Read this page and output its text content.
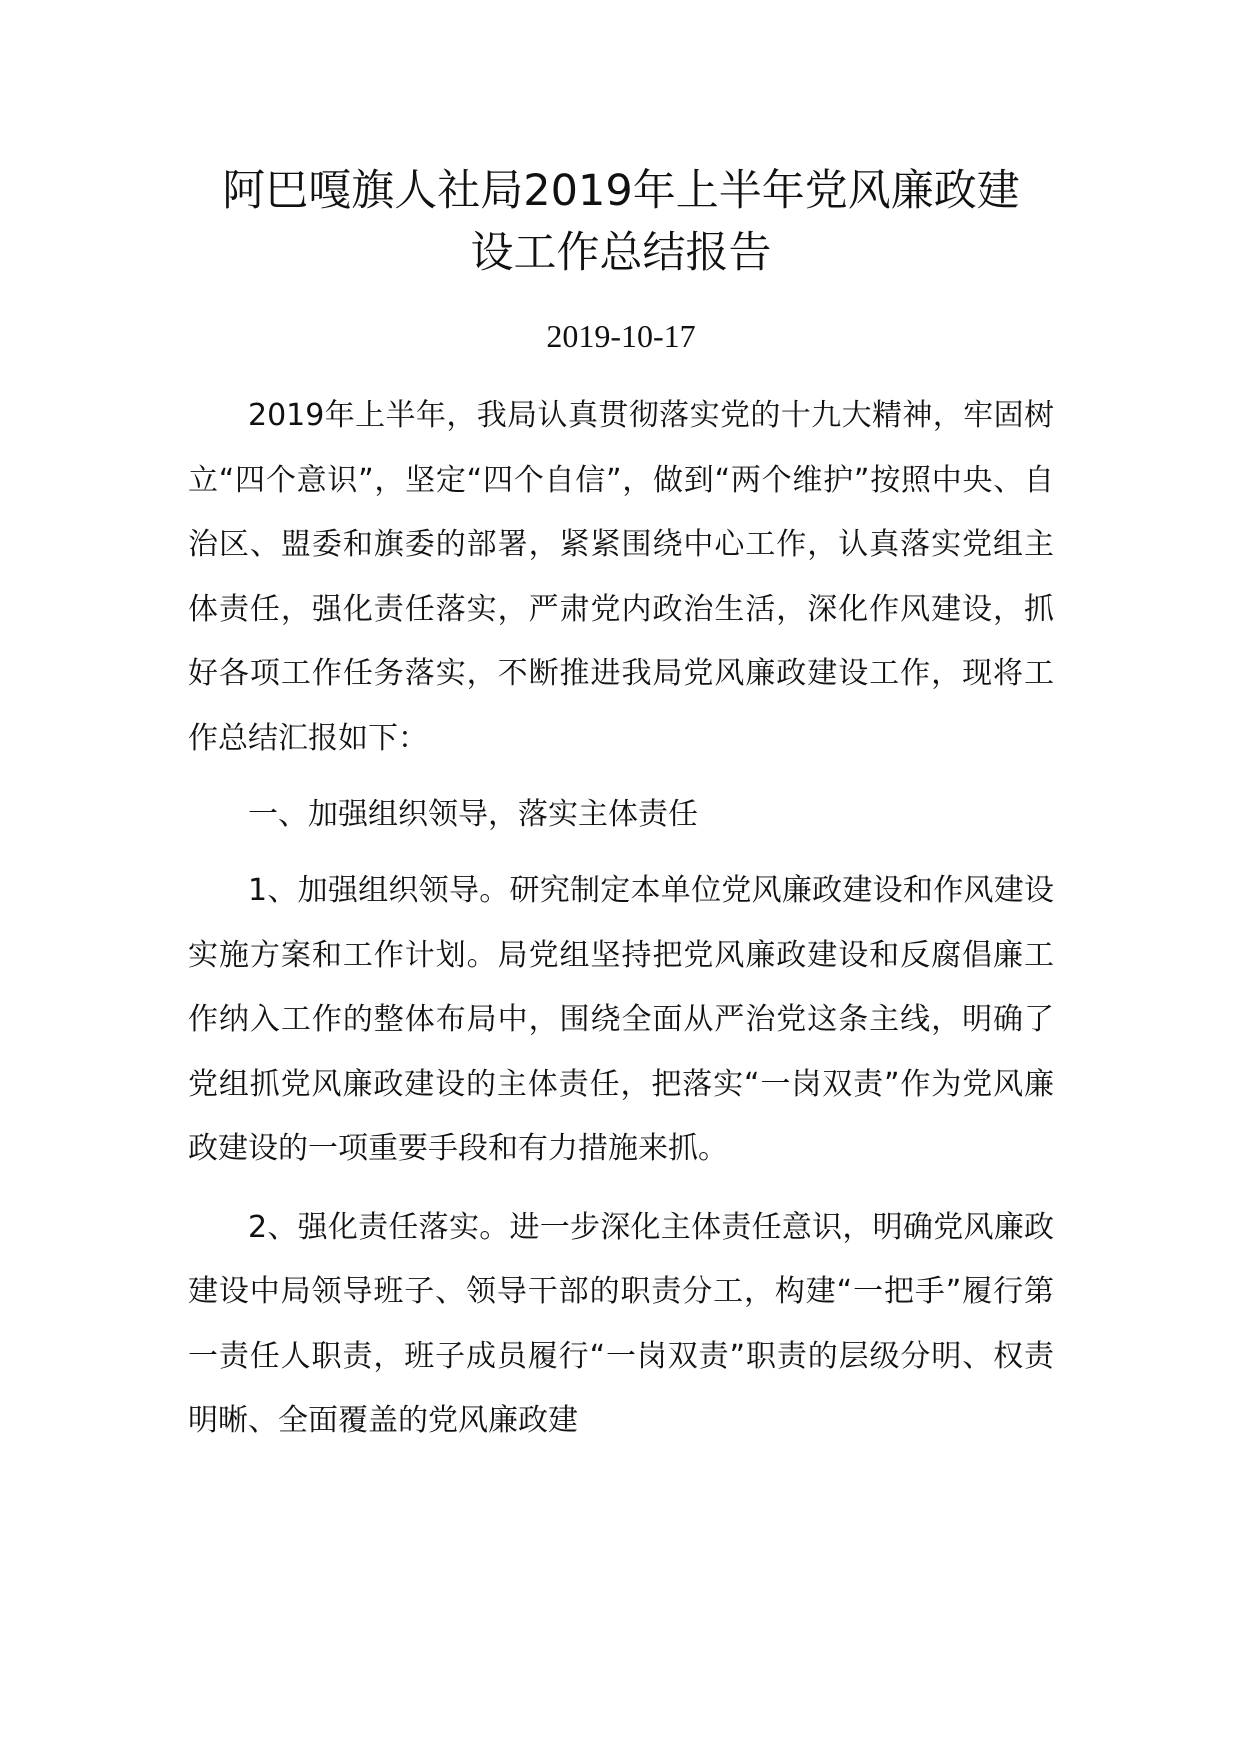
阿巴嘎旗人社局2019年上半年党风廉政建
设工作总结报告
2019-10-17

2019年上半年，我局认真贯彻落实党的十九大精神，牢固树立“四个意识”，坚定“四个自信”，做到“两个维护”按照中央、自治区、盟委和旗委的部署，紧紧围绕中心工作，认真落实党组主体责任，强化责任落实，严肃党内政治生活，深化作风建设，抓好各项工作任务落实，不断推进我局党风廉政建设工作，现将工作总结汇报如下：

一、加强组织领导，落实主体责任

1、加强组织领导。研究制定本单位党风廉政建设和作风建设实施方案和工作计划。局党组坚持把党风廉政建设和反腐倡廉工作纳入工作的整体布局中，围绕全面从严治党这条主线，明确了党组抓党风廉政建设的主体责任，把落实“一岗双责”作为党风廉政建设的一项重要手段和有力措施来抓。

2、强化责任落实。进一步深化主体责任意识，明确党风廉政建设中局领导班子、领导干部的职责分工，构建“一把手”履行第一责任人职责，班子成员履行“一岗双责”职责的层级分明、权责明晰、全面覆盖的党风廉政建
